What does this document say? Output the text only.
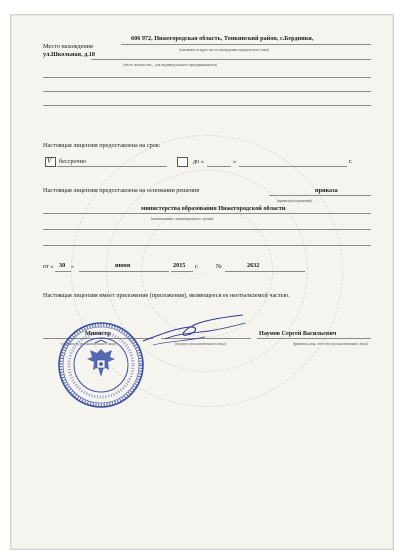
· · · · · ·
Место нахождения
ул.Школьная, д.18
606 972, Нижегородская область, Тонкинский район, с.Бердники,
(указывается адрес места нахождения юридического лица)
(место жительства – для индивидуального предпринимателя)
Настоящая лицензия предоставлена на срок:
V бессрочно	до «	»	г.
Настоящая лицензия предоставлена на основании решения	приказа
(приказ/распоряжение)
министерства образования Нижегородской области
(наименование лицензирующего органа)
от « 30 »	июня	2015 г.	№	2632
Настоящая лицензия имеет приложение (приложения), являющееся ее неотъемлемой частью.
Министр
(должность уполномоченного лица)	(подпись уполномоченного лица)
Наумов Сергей Васильевич
(фамилия, имя, отчество уполномоченного лица)
